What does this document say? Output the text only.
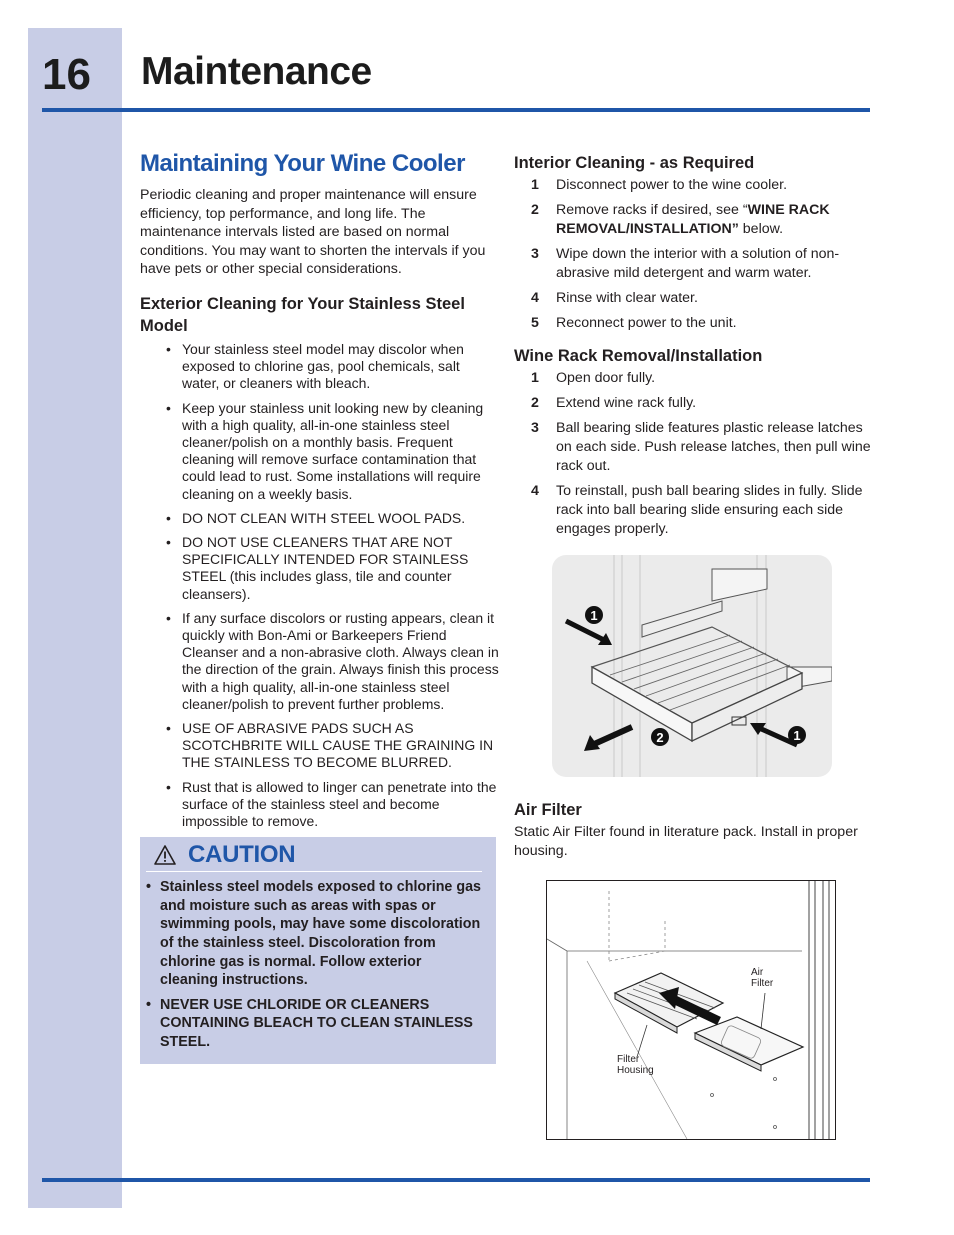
16 Maintenance
Maintaining Your Wine Cooler

Periodic cleaning and proper maintenance will ensure efficiency, top performance, and long life. The maintenance intervals listed are based on normal conditions. You may want to shorten the intervals if you have pets or other special considerations.

Exterior Cleaning for Your Stainless Steel Model
• Your stainless steel model may discolor when exposed to chlorine gas, pool chemicals, salt water, or cleaners with bleach.
• Keep your stainless unit looking new by cleaning with a high quality, all-in-one stainless steel cleaner/polish on a monthly basis. Frequent cleaning will remove surface contamination that could lead to rust. Some installations will require cleaning on a weekly basis.
• DO NOT CLEAN WITH STEEL WOOL PADS.
• DO NOT USE CLEANERS THAT ARE NOT SPECIFICALLY INTENDED FOR STAINLESS STEEL (this includes glass, tile and counter cleansers).
• If any surface discolors or rusting appears, clean it quickly with Bon-Ami or Barkeepers Friend Cleanser and a non-abrasive cloth. Always clean in the direction of the grain. Always finish this process with a high quality, all-in-one stainless steel cleaner/polish to prevent further problems.
• USE OF ABRASIVE PADS SUCH AS SCOTCHBRITE WILL CAUSE THE GRAINING IN THE STAINLESS TO BECOME BLURRED.
• Rust that is allowed to linger can penetrate into the surface of the stainless steel and become impossible to remove.
CAUTION
• Stainless steel models exposed to chlorine gas and moisture such as areas with spas or swimming pools, may have some discoloration of the stainless steel. Discoloration from chlorine gas is normal. Follow exterior cleaning instructions.
• NEVER USE CHLORIDE OR CLEANERS CONTAINING BLEACH TO CLEAN STAINLESS STEEL.
Interior Cleaning - as Required
1	Disconnect power to the wine cooler.
2	Remove racks if desired, see “WINE RACK REMOVAL/INSTALLATION” below.
3	Wipe down the interior with a solution of non-abrasive mild detergent and warm water.
4	Rinse with clear water.
5	Reconnect power to the unit.
Wine Rack Removal/Installation
1	Open door fully.
2	Extend wine rack fully.
3	Ball bearing slide features plastic release latches on each side. Push release latches, then pull wine rack out.
4	To reinstall, push ball bearing slides in fully. Slide rack into ball bearing slide ensuring each side engages properly.
1
2	1
Air Filter

Static Air Filter found in literature pack. Install in proper housing.

Air
Filter
Filter
Housing
